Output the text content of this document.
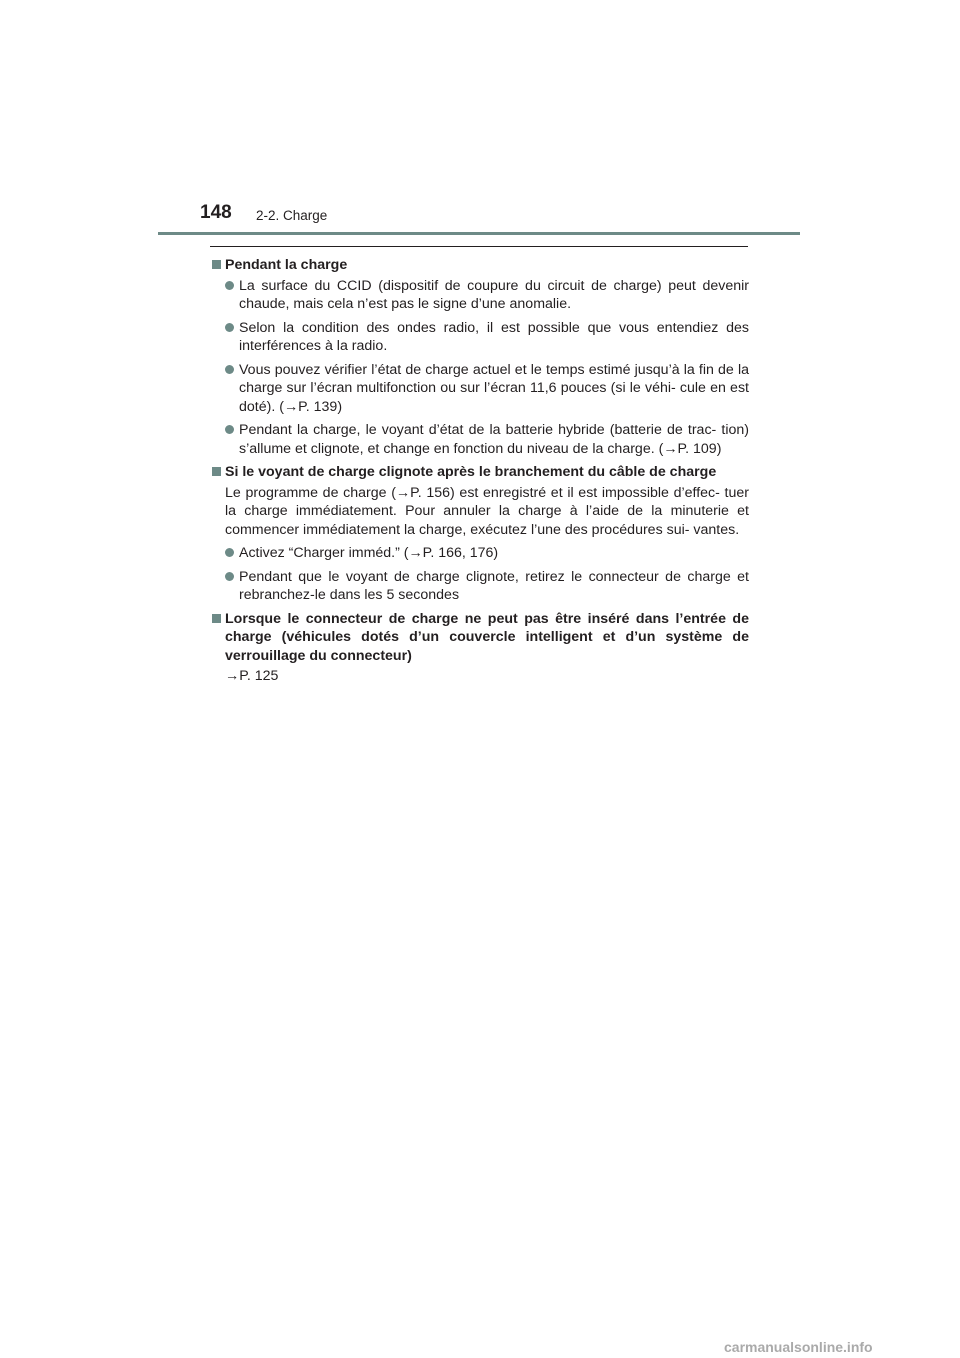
148 2-2. Charge
Pendant la charge
La surface du CCID (dispositif de coupure du circuit de charge) peut devenir chaude, mais cela n’est pas le signe d’une anomalie.
Selon la condition des ondes radio, il est possible que vous entendiez des interférences à la radio.
Vous pouvez vérifier l’état de charge actuel et le temps estimé jusqu’à la fin de la charge sur l’écran multifonction ou sur l’écran 11,6 pouces (si le véhi- cule en est doté). (→P. 139)
Pendant la charge, le voyant d’état de la batterie hybride (batterie de trac- tion) s’allume et clignote, et change en fonction du niveau de la charge. (→P. 109)
Si le voyant de charge clignote après le branchement du câble de charge
Le programme de charge (→P. 156) est enregistré et il est impossible d’effec- tuer la charge immédiatement. Pour annuler la charge à l’aide de la minuterie et commencer immédiatement la charge, exécutez l’une des procédures sui- vantes.
Activez “Charger imméd.” (→P. 166, 176)
Pendant que le voyant de charge clignote, retirez le connecteur de charge et rebranchez-le dans les 5 secondes
Lorsque le connecteur de charge ne peut pas être inséré dans l’entrée de charge (véhicules dotés d’un couvercle intelligent et d’un système de verrouillage du connecteur)
→P. 125
carmanualsonline.info
